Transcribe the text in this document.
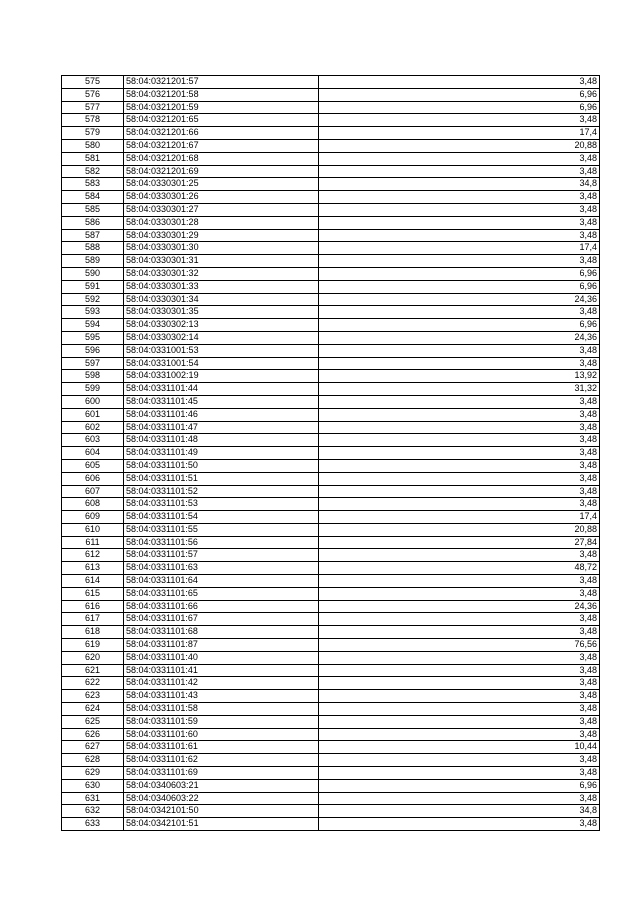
575	58:04:0321201:57	3,48
576	58:04:0321201:58	6,96
577	58:04:0321201:59	6,96
578	58:04:0321201:65	3,48
579	58:04:0321201:66	17,4
580	58:04:0321201:67	20,88
581	58:04:0321201:68	3,48
582	58:04:0321201:69	3,48
583	58:04:0330301:25	34,8
584	58:04:0330301:26	3,48
585	58:04:0330301:27	3,48
586	58:04:0330301:28	3,48
587	58:04:0330301:29	3,48
588	58:04:0330301:30	17,4
589	58:04:0330301:31	3,48
590	58:04:0330301:32	6,96
591	58:04:0330301:33	6,96
592	58:04:0330301:34	24,36
593	58:04:0330301:35	3,48
594	58:04:0330302:13	6,96
595	58:04:0330302:14	24,36
596	58:04:0331001:53	3,48
597	58:04:0331001:54	3,48
598	58:04:0331002:19	13,92
599	58:04:0331101:44	31,32
600	58:04:0331101:45	3,48
601	58:04:0331101:46	3,48
602	58:04:0331101:47	3,48
603	58:04:0331101:48	3,48
604	58:04:0331101:49	3,48
605	58:04:0331101:50	3,48
606	58:04:0331101:51	3,48
607	58:04:0331101:52	3,48
608	58:04:0331101:53	3,48
609	58:04:0331101:54	17,4
610	58:04:0331101:55	20,88
611	58:04:0331101:56	27,84
612	58:04:0331101:57	3,48
613	58:04:0331101:63	48,72
614	58:04:0331101:64	3,48
615	58:04:0331101:65	3,48
616	58:04:0331101:66	24,36
617	58:04:0331101:67	3,48
618	58:04:0331101:68	3,48
619	58:04:0331101:87	76,56
620	58:04:0331101:40	3,48
621	58:04:0331101:41	3,48
622	58:04:0331101:42	3,48
623	58:04:0331101:43	3,48
624	58:04:0331101:58	3,48
625	58:04:0331101:59	3,48
626	58:04:0331101:60	3,48
627	58:04:0331101:61	10,44
628	58:04:0331101:62	3,48
629	58:04:0331101:69	3,48
630	58:04:0340603:21	6,96
631	58:04:0340603:22	3,48
632	58:04:0342101:50	34,8
633	58:04:0342101:51	3,48
